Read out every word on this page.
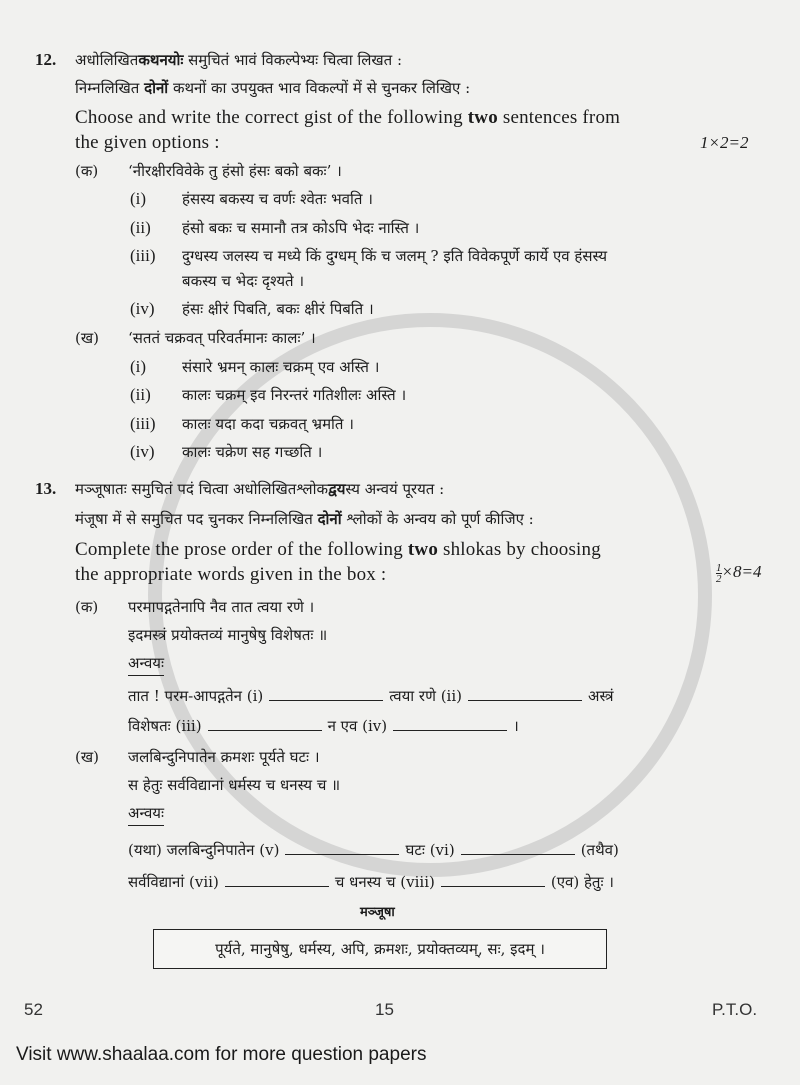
12. अधोलिखितकथनयोः समुचितं भावं विकल्पेभ्यः चित्वा लिखत :
निम्नलिखित दोनों कथनों का उपयुक्त भाव विकल्पों में से चुनकर लिखिए :
Choose and write the correct gist of the following two sentences from
the given options :	1×2=2
(क) ‘नीरक्षीरविवेके तु हंसो हंसः बको बकः’ ।
(i) हंसस्य बकस्य च वर्णः श्वेतः भवति ।
(ii) हंसो बकः च समानौ तत्र कोऽपि भेदः नास्ति ।
(iii) दुग्धस्य जलस्य च मध्ये किं दुग्धम् किं च जलम् ? इति विवेकपूर्णे कार्ये एव हंसस्य
बकस्य च भेदः दृश्यते ।
(iv) हंसः क्षीरं पिबति, बकः क्षीरं पिबति ।
(ख) ‘सततं चक्रवत् परिवर्तमानः कालः’ ।
(i) संसारे भ्रमन् कालः चक्रम् एव अस्ति ।
(ii) कालः चक्रम् इव निरन्तरं गतिशीलः अस्ति ।
(iii) कालः यदा कदा चक्रवत् भ्रमति ।
(iv) कालः चक्रेण सह गच्छति ।
13. मञ्जूषातः समुचितं पदं चित्वा अधोलिखितश्लोकद्वयस्य अन्वयं पूरयत :
मंजूषा में से समुचित पद चुनकर निम्नलिखित दोनों श्लोकों के अन्वय को पूर्ण कीजिए :
Complete the prose order of the following two shlokas by choosing
the appropriate words given in the box :	$\frac{1}{2} \times 8=4$
(क) परमापद्गतेनापि नैव तात त्वया रणे ।
इदमस्त्रं प्रयोक्तव्यं मानुषेषु विशेषतः ॥
अन्वयः
तात ! परम-आपद्गतेन (i)	त्वया रणे (ii)	अस्त्रं
विशेषतः (iii)	न एव (iv)	।
(ख) जलबिन्दुनिपातेन क्रमशः पूर्यते घटः ।
स हेतुः सर्वविद्यानां धर्मस्य च धनस्य च ॥
अन्वयः
(यथा) जलबिन्दुनिपातेन (v)	घटः (vi)	(तथैव)
सर्वविद्यानां (vii)	च धनस्य च (viii)	(एव) हेतुः ।
मञ्जूषा
पूर्यते, मानुषेषु, धर्मस्य, अपि, क्रमशः, प्रयोक्तव्यम्, सः, इदम् ।
52	15	P.T.O.
Visit www.shaalaa.com for more question papers
